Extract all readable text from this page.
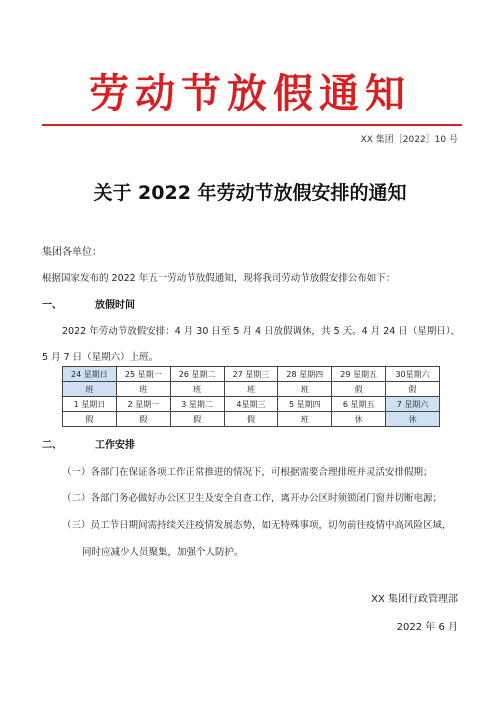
劳动节放假通知
XX 集团［2022］10 号
关于 2022 年劳动节放假安排的通知
集团各单位：
根据国家发布的 2022 年五一劳动节放假通知，现将我司劳动节放假安排公布如下：
一、	放假时间
2022 年劳动节放假安排：4 月 30 日至 5 月 4 日放假调休，共 5 天。4 月 24 日（星期日）、
5 月 7 日（星期六）上班。
24 星期日	25 星期一	26 星期二	27 星期三	28 星期四	29 星期五	30星期六
班	班	班	班	班	假	假
1 星期日	2 星期一	3 星期二	4星期三	5 星期四	6 星期五	7 星期六
假	假	假	假	班	休	休
二、	工作安排
（一）各部门在保证各项工作正常推进的情况下，可根据需要合理排班并灵活安排假期；
（二）各部门务必做好办公区卫生及安全自查工作，离开办公区时须锁闭门窗并切断电源；
（三）员工节日期间需持续关注疫情发展态势，如无特殊事项，切勿前往疫情中高风险区域，
同时应减少人员聚集，加强个人防护。
XX 集团行政管理部
2022 年 6 月
